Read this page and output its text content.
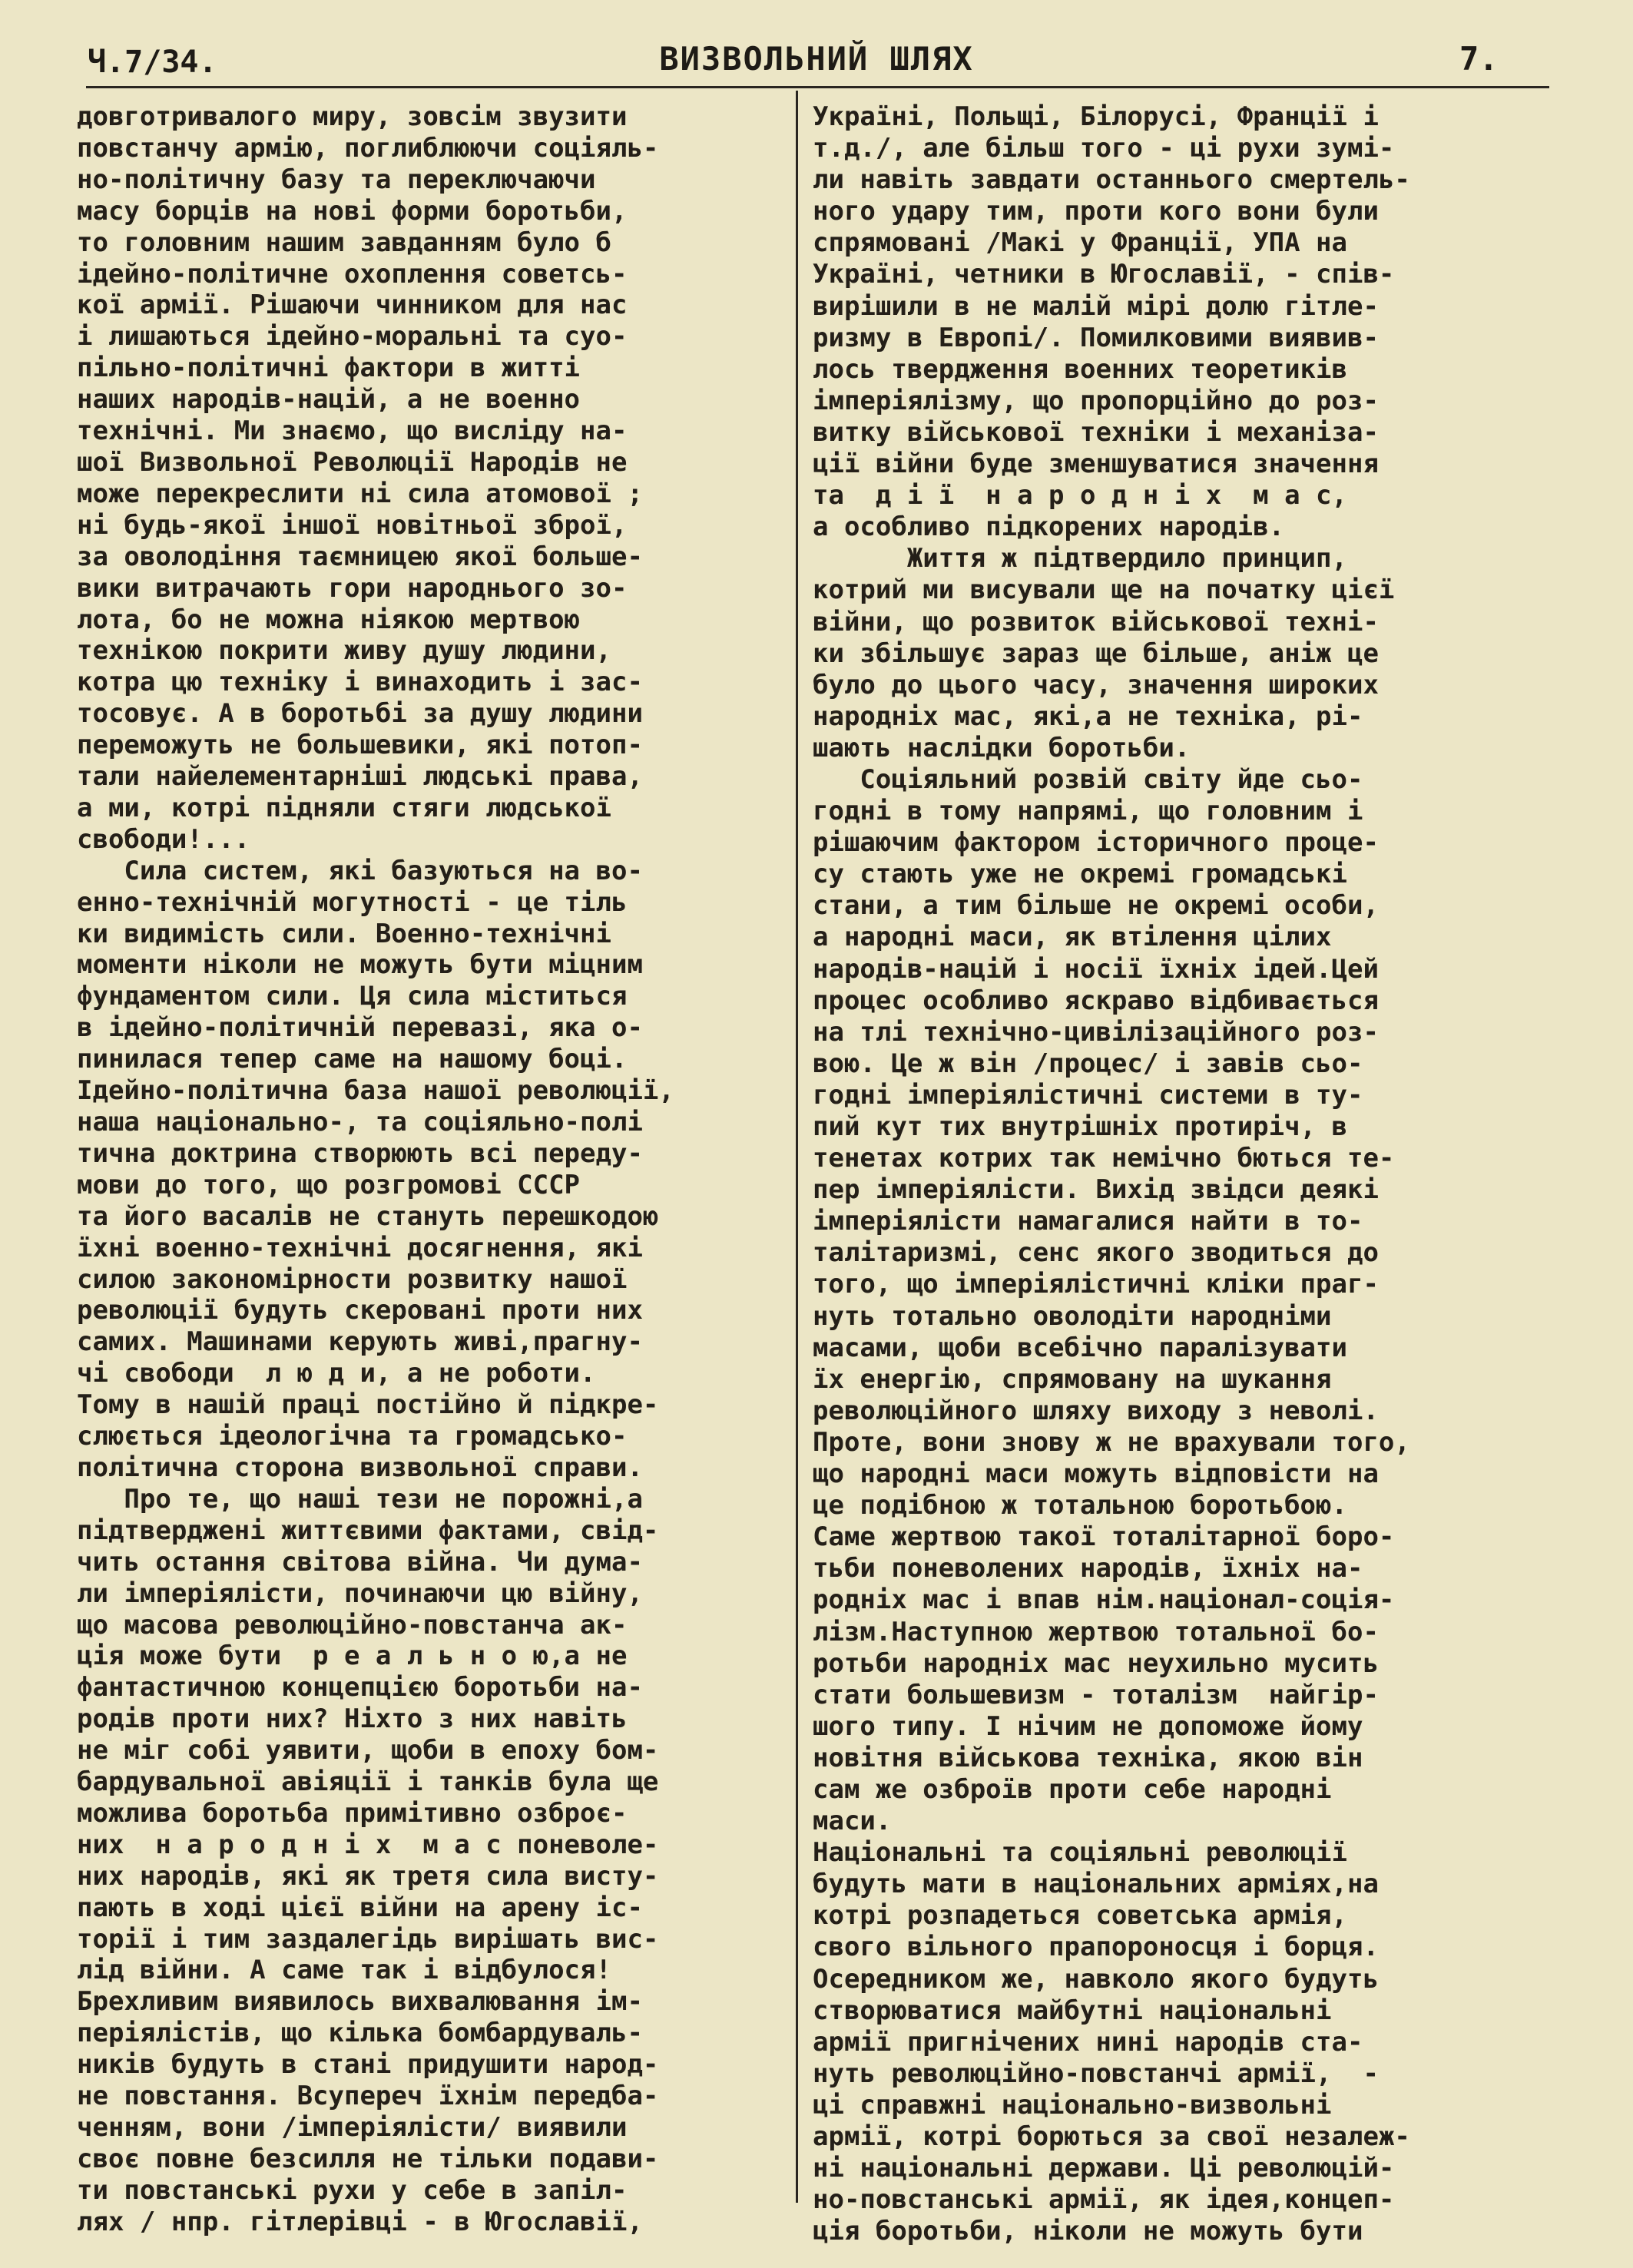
Ч.7/34.	ВИЗВОЛЬНИЙ ШЛЯХ	7.
довготривалого миру, зовсім звузити
повстанчу армію, поглиблюючи соціяль-
но-політичну базу та переключаючи
масу борців на нові форми боротьби,
то головним нашим завданням було б
ідейно-політичне охоплення советсь-
кої армії. Рішаючи чинником для нас
і лишаються ідейно-моральні та суо-
пільно-політичні фактори в житті
наших народів-націй, а не военно
технічні. Ми знаємо, що висліду на-
шої Визвольної Революції Народів не
може перекреслити ні сила атомової ;
ні будь-якої іншої новітньої зброї,
за оволодіння таємницею якої больше-
вики витрачають гори народнього зо-
лота, бо не можна ніякою мертвою
технікою покрити живу душу людини,
котра цю техніку і винаходить і зас-
тосовує. А в боротьбі за душу людини
переможуть не большевики, які потоп-
тали найелементарніші людські права,
а ми, котрі підняли стяги людської
свободи!...
Сила систем, які базуються на во-
енно-технічній могутності - це тіль
ки видимість сили. Военно-технічні
моменти ніколи не можуть бути міцним
фундаментом сили. Ця сила міститься
в ідейно-політичній перевазі, яка о-
пинилася тепер саме на нашому боці.
Ідейно-політична база нашої революції,
наша національно-, та соціяльно-полі
тична доктрина створюють всі переду-
мови до того, що розгромові СССР
та його васалів не стануть перешкодою
їхні военно-технічні досягнення, які
силою закономірности розвитку нашої
революції будуть скеровані проти них
самих. Машинами керують живі,прагну-
чі свободи  л ю д и, а не роботи.
Тому в нашій праці постійно й підкре-
слюється ідеологічна та громадсько-
політична сторона визвольної справи.
Про те, що наші тези не порожні,а
підтверджені життєвими фактами, свід-
чить остання світова війна. Чи дума-
ли імперіялісти, починаючи цю війну,
що масова революційно-повстанча ак-
ція може бути  р е а л ь н о ю,а не
фантастичною концепцією боротьби на-
родів проти них? Ніхто з них навіть
не міг собі уявити, щоби в епоху бом-
бардувальної авіяції і танків була ще
можлива боротьба примітивно озброє-
них  н а р о д н і х  м а с поневоле-
них народів, які як третя сила висту-
пають в ході цієї війни на арену іс-
торії і тим заздалегідь вирішать вис-
лід війни. А саме так і відбулося!
Брехливим виявилось вихвалювання ім-
періялістів, що кілька бомбардуваль-
ників будуть в стані придушити народ-
не повстання. Всупереч їхнім передба-
ченням, вони /імперіялісти/ виявили
своє повне безсилля не тільки подави-
ти повстанські рухи у себе в запіл-
лях / нпр. гітлерівці - в Югославії,
Україні, Польщі, Білорусі, Франції і
т.д./, але більш того - ці рухи зумі-
ли навіть завдати останнього смертель-
ного удару тим, проти кого вони були
спрямовані /Макі у Франції, УПА на
Україні, четники в Югославії, - спів-
вирішили в не малій мірі долю гітле-
ризму в Европі/. Помилковими виявив-
лось твердження военних теоретиків
імперіялізму, що пропорційно до роз-
витку військової техніки і механіза-
ції війни буде зменшуватися значення
та  д і ї  н а р о д н і х  м а с,
а особливо підкорених народів.
Життя ж підтвердило принцип,
котрий ми висували ще на початку цієї
війни, що розвиток військової техні-
ки збільшує зараз ще більше, аніж це
було до цього часу, значення широких
народніх мас, які,а не техніка, рі-
шають наслідки боротьби.
Соціяльний розвій світу йде сьо-
годні в тому напрямі, що головним і
рішаючим фактором історичного проце-
су стають уже не окремі громадські
стани, а тим більше не окремі особи,
а народні маси, як втілення цілих
народів-націй і носії їхніх ідей.Цей
процес особливо яскраво відбивається
на тлі технічно-цивілізаційного роз-
вою. Це ж він /процес/ і завів сьо-
годні імперіялістичні системи в ту-
пий кут тих внутрішніх протиріч, в
тенетах котрих так немічно бються те-
пер імперіялісти. Вихід звідси деякі
імперіялісти намагалися найти в то-
талітаризмі, сенс якого зводиться до
того, що імперіялістичні кліки праг-
нуть тотально оволодіти народніми
масами, щоби всебічно паралізувати
їх енергію, спрямовану на шукання
революційного шляху виходу з неволі.
Проте, вони знову ж не врахували того,
що народні маси можуть відповісти на
це подібною ж тотальною боротьбою.
Саме жертвою такої тоталітарної боро-
тьби поневолених народів, їхніх на-
родніх мас і впав нім.націонал-соція-
лізм.Наступною жертвою тотальної бо-
ротьби народніх мас неухильно мусить
стати большевизм - тоталізм  найгір-
шого типу. І нічим не допоможе йому
новітня військова техніка, якою він
сам же озброїв проти себе народні
маси.
Національні та соціяльні революції
будуть мати в національних арміях,на
котрі розпадеться советська армія,
свого вільного прапороносця і борця.
Осередником же, навколо якого будуть
створюватися майбутні національні
армії пригнічених нині народів ста-
нуть революційно-повстанчі армії,  -
ці справжні національно-визвольні
армії, котрі борються за свої незалеж-
ні національні держави. Ці революцій-
но-повстанські армії, як ідея,концеп-
ція боротьби, ніколи не можуть бути
